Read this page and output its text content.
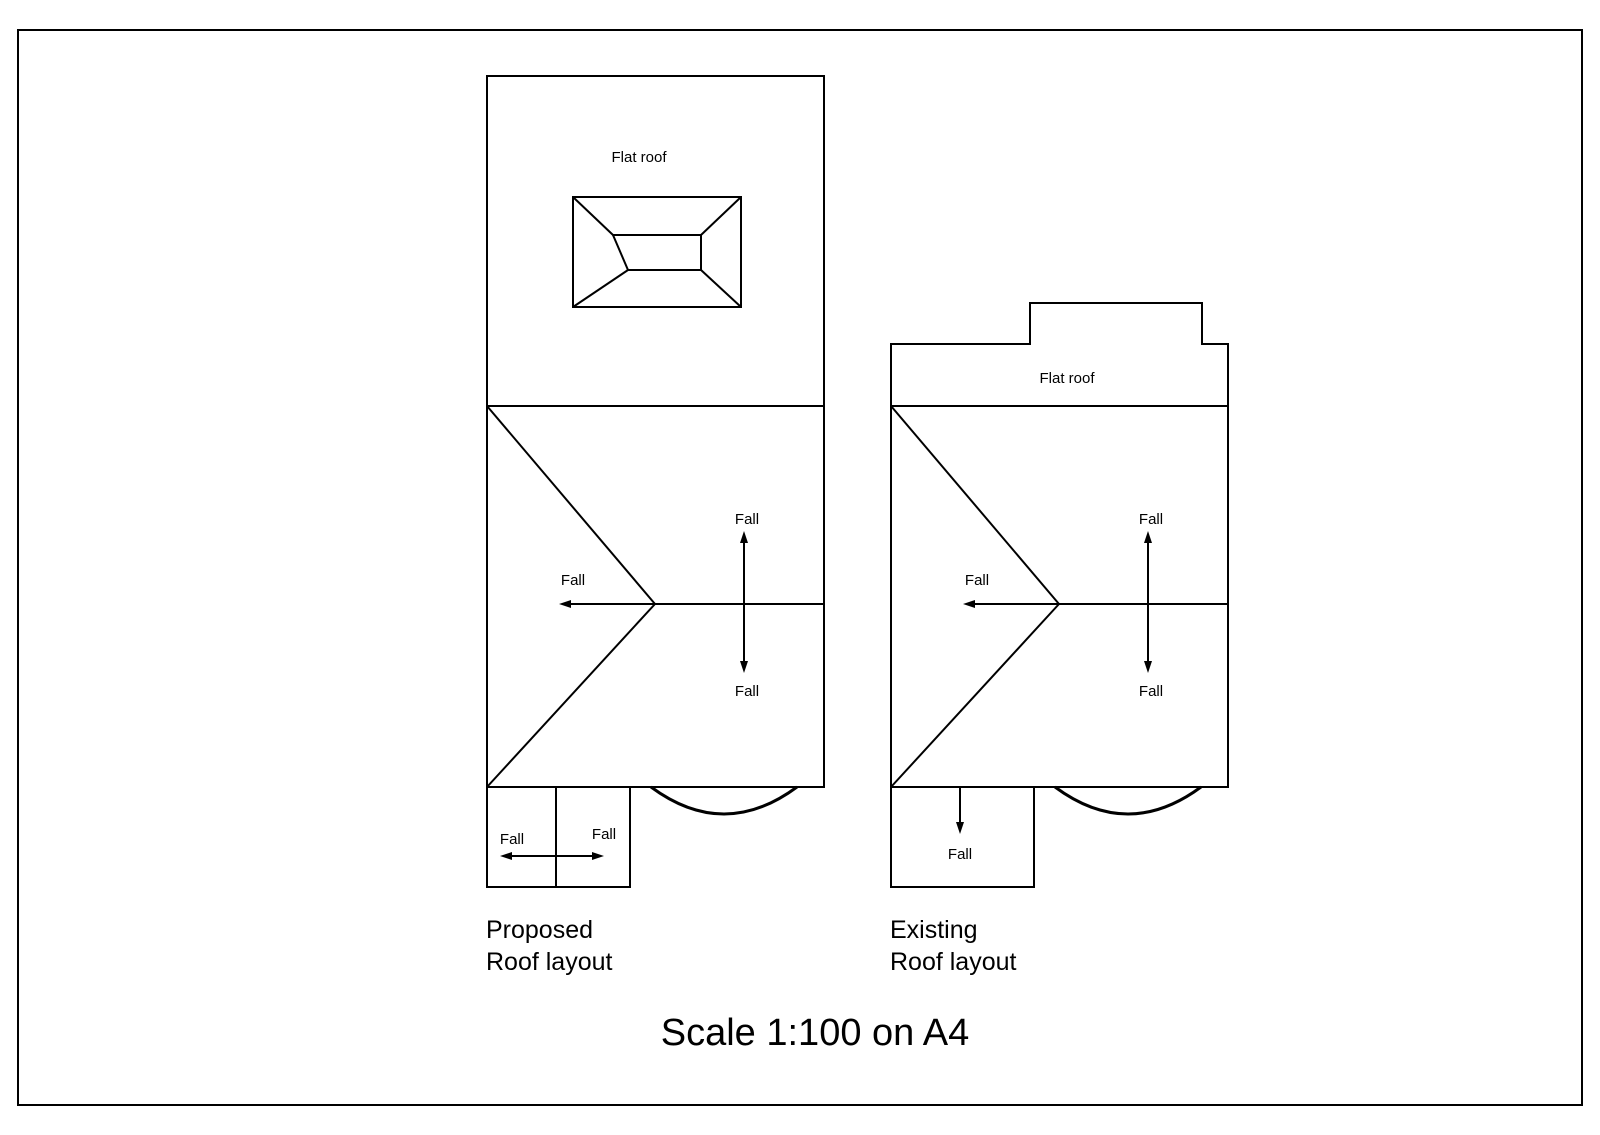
Flat roof
Fall
Fall
Fall
Fall	Fall
Proposed
Roof layout
Flat roof
Fall
Fall
Fall
Fall
Existing
Roof layout
Scale 1:100 on A4
